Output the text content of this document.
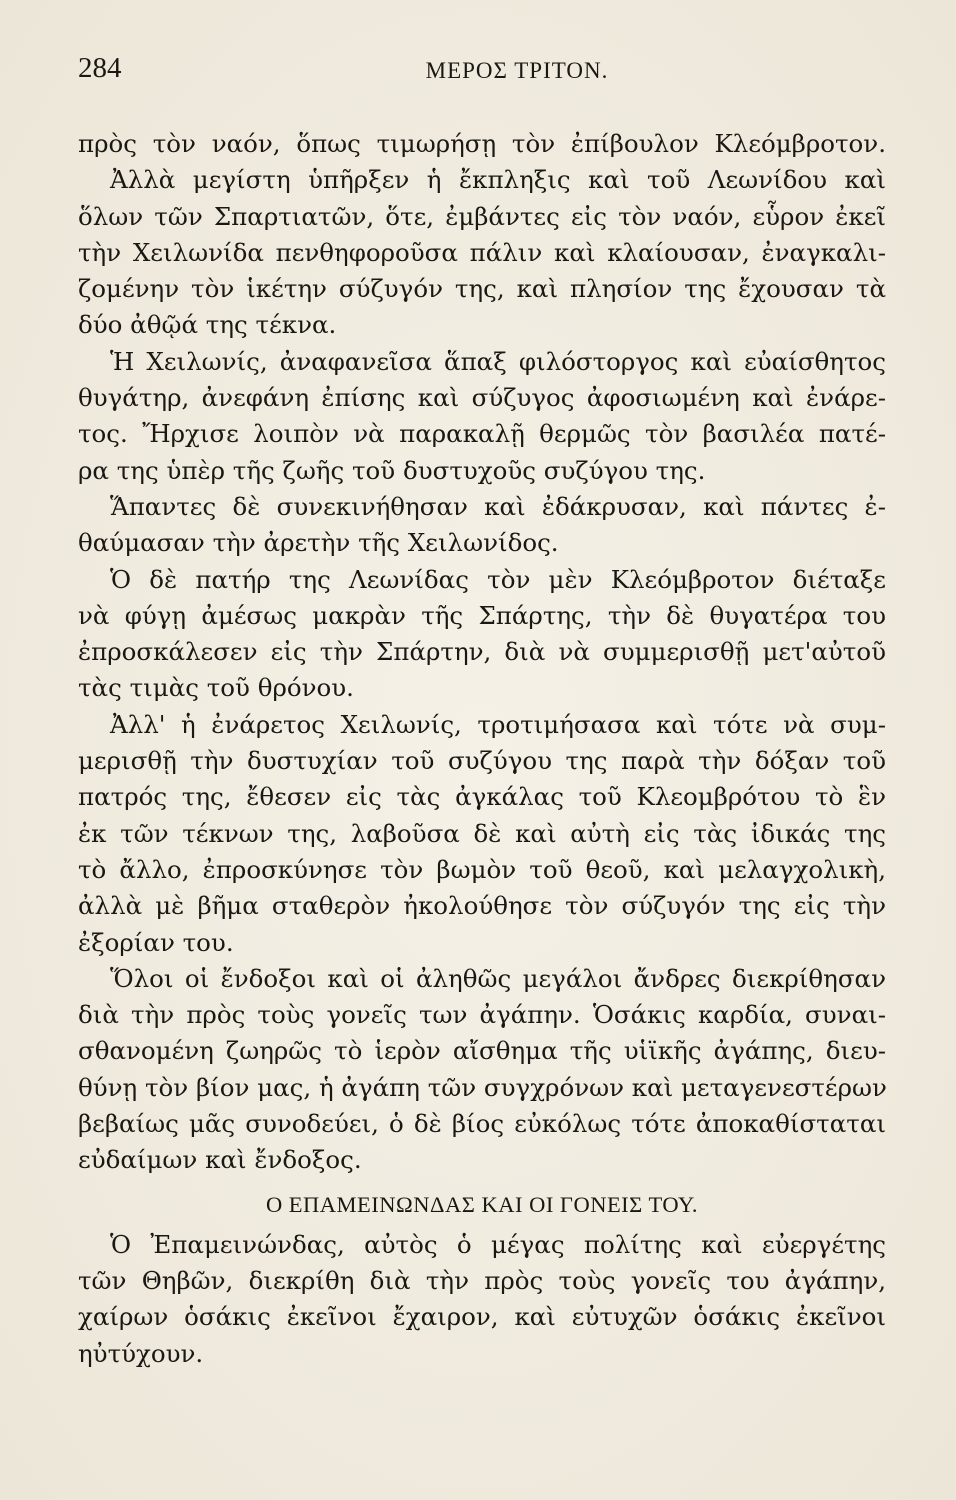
284	ΜΕΡΟΣ ΤΡΙΤΟΝ.
πρὸς τὸν ναόν, ὅπως τιμωρήσῃ τὸν ἐπίβουλον Κλεόμβροτον.
Ἀλλὰ μεγίστη ὑπῆρξεν ἡ ἔκπληξις καὶ τοῦ Λεωνίδου καὶ
ὅλων τῶν Σπαρτιατῶν, ὅτε, ἐμβάντες εἰς τὸν ναόν, εὗρον ἐκεῖ
τὴν Χειλωνίδα πενθηφοροῦσα πάλιν καὶ κλαίουσαν, ἐναγκαλι-
ζομένην τὸν ἱκέτην σύζυγόν της, καὶ πλησίον της ἔχουσαν τὰ
δύο ἀθῷά της τέκνα.
Ἡ Χειλωνίς, ἀναφανεῖσα ἅπαξ φιλόστοργος καὶ εὐαίσθητος
θυγάτηρ, ἀνεφάνη ἐπίσης καὶ σύζυγος ἀφοσιωμένη καὶ ἐνάρε-
τος. Ἤρχισε λοιπὸν νὰ παρακαλῇ θερμῶς τὸν βασιλέα πατέ-
ρα της ὑπὲρ τῆς ζωῆς τοῦ δυστυχοῦς συζύγου της.
Ἅπαντες δὲ συνεκινήθησαν καὶ ἐδάκρυσαν, καὶ πάντες ἐ-
θαύμασαν τὴν ἀρετὴν τῆς Χειλωνίδος.
Ὁ δὲ πατήρ της Λεωνίδας τὸν μὲν Κλεόμβροτον διέταξε
νὰ φύγῃ ἀμέσως μακρὰν τῆς Σπάρτης, τὴν δὲ θυγατέρα του
ἐπροσκάλεσεν εἰς τὴν Σπάρτην, διὰ νὰ συμμερισθῇ μετ'αὐτοῦ
τὰς τιμὰς τοῦ θρόνου.
Ἀλλ' ἡ ἐνάρετος Χειλωνίς, τροτιμήσασα καὶ τότε νὰ συμ-
μερισθῇ τὴν δυστυχίαν τοῦ συζύγου της παρὰ τὴν δόξαν τοῦ
πατρός της, ἔθεσεν εἰς τὰς ἀγκάλας τοῦ Κλεομβρότου τὸ ἓν
ἐκ τῶν τέκνων της, λαβοῦσα δὲ καὶ αὐτὴ εἰς τὰς ἰδικάς της
τὸ ἄλλο, ἐπροσκύνησε τὸν βωμὸν τοῦ θεοῦ, καὶ μελαγχολικὴ,
ἀλλὰ μὲ βῆμα σταθερὸν ἠκολούθησε τὸν σύζυγόν της εἰς τὴν
ἐξορίαν του.
Ὅλοι οἱ ἔνδοξοι καὶ οἱ ἀληθῶς μεγάλοι ἄνδρες διεκρίθησαν
διὰ τὴν πρὸς τοὺς γονεῖς των ἀγάπην. Ὁσάκις καρδία, συναι-
σθανομένη ζωηρῶς τὸ ἱερὸν αἴσθημα τῆς υἱϊκῆς ἀγάπης, διευ-
θύνῃ τὸν βίον μας, ἡ ἀγάπη τῶν συγχρόνων καὶ μεταγενεστέρων
βεβαίως μᾶς συνοδεύει, ὁ δὲ βίος εὐκόλως τότε ἀποκαθίσταται
εὐδαίμων καὶ ἔνδοξος.
Ο ΕΠΑΜΕΙΝΩΝΔΑΣ ΚΑΙ ΟΙ ΓΟΝΕΙΣ ΤΟΥ.
Ὁ Ἐπαμεινώνδας, αὐτὸς ὁ μέγας πολίτης καὶ εὐεργέτης
τῶν Θηβῶν, διεκρίθη διὰ τὴν πρὸς τοὺς γονεῖς του ἀγάπην,
χαίρων ὁσάκις ἐκεῖνοι ἔχαιρον, καὶ εὐτυχῶν ὁσάκις ἐκεῖνοι
ηὐτύχουν.
